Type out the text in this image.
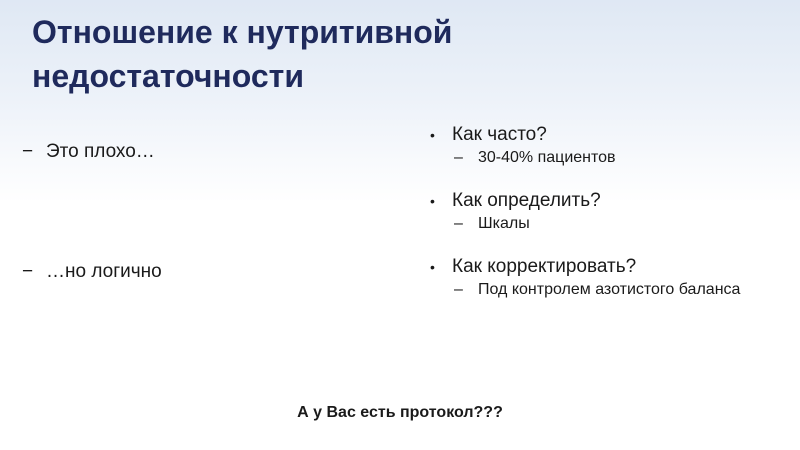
Отношение к нутритивной недостаточности
− Это плохо…
− …но логично
• Как часто?
– 30-40% пациентов
• Как определить?
– Шкалы
• Как корректировать?
– Под контролем азотистого баланса
А у Вас есть протокол???
